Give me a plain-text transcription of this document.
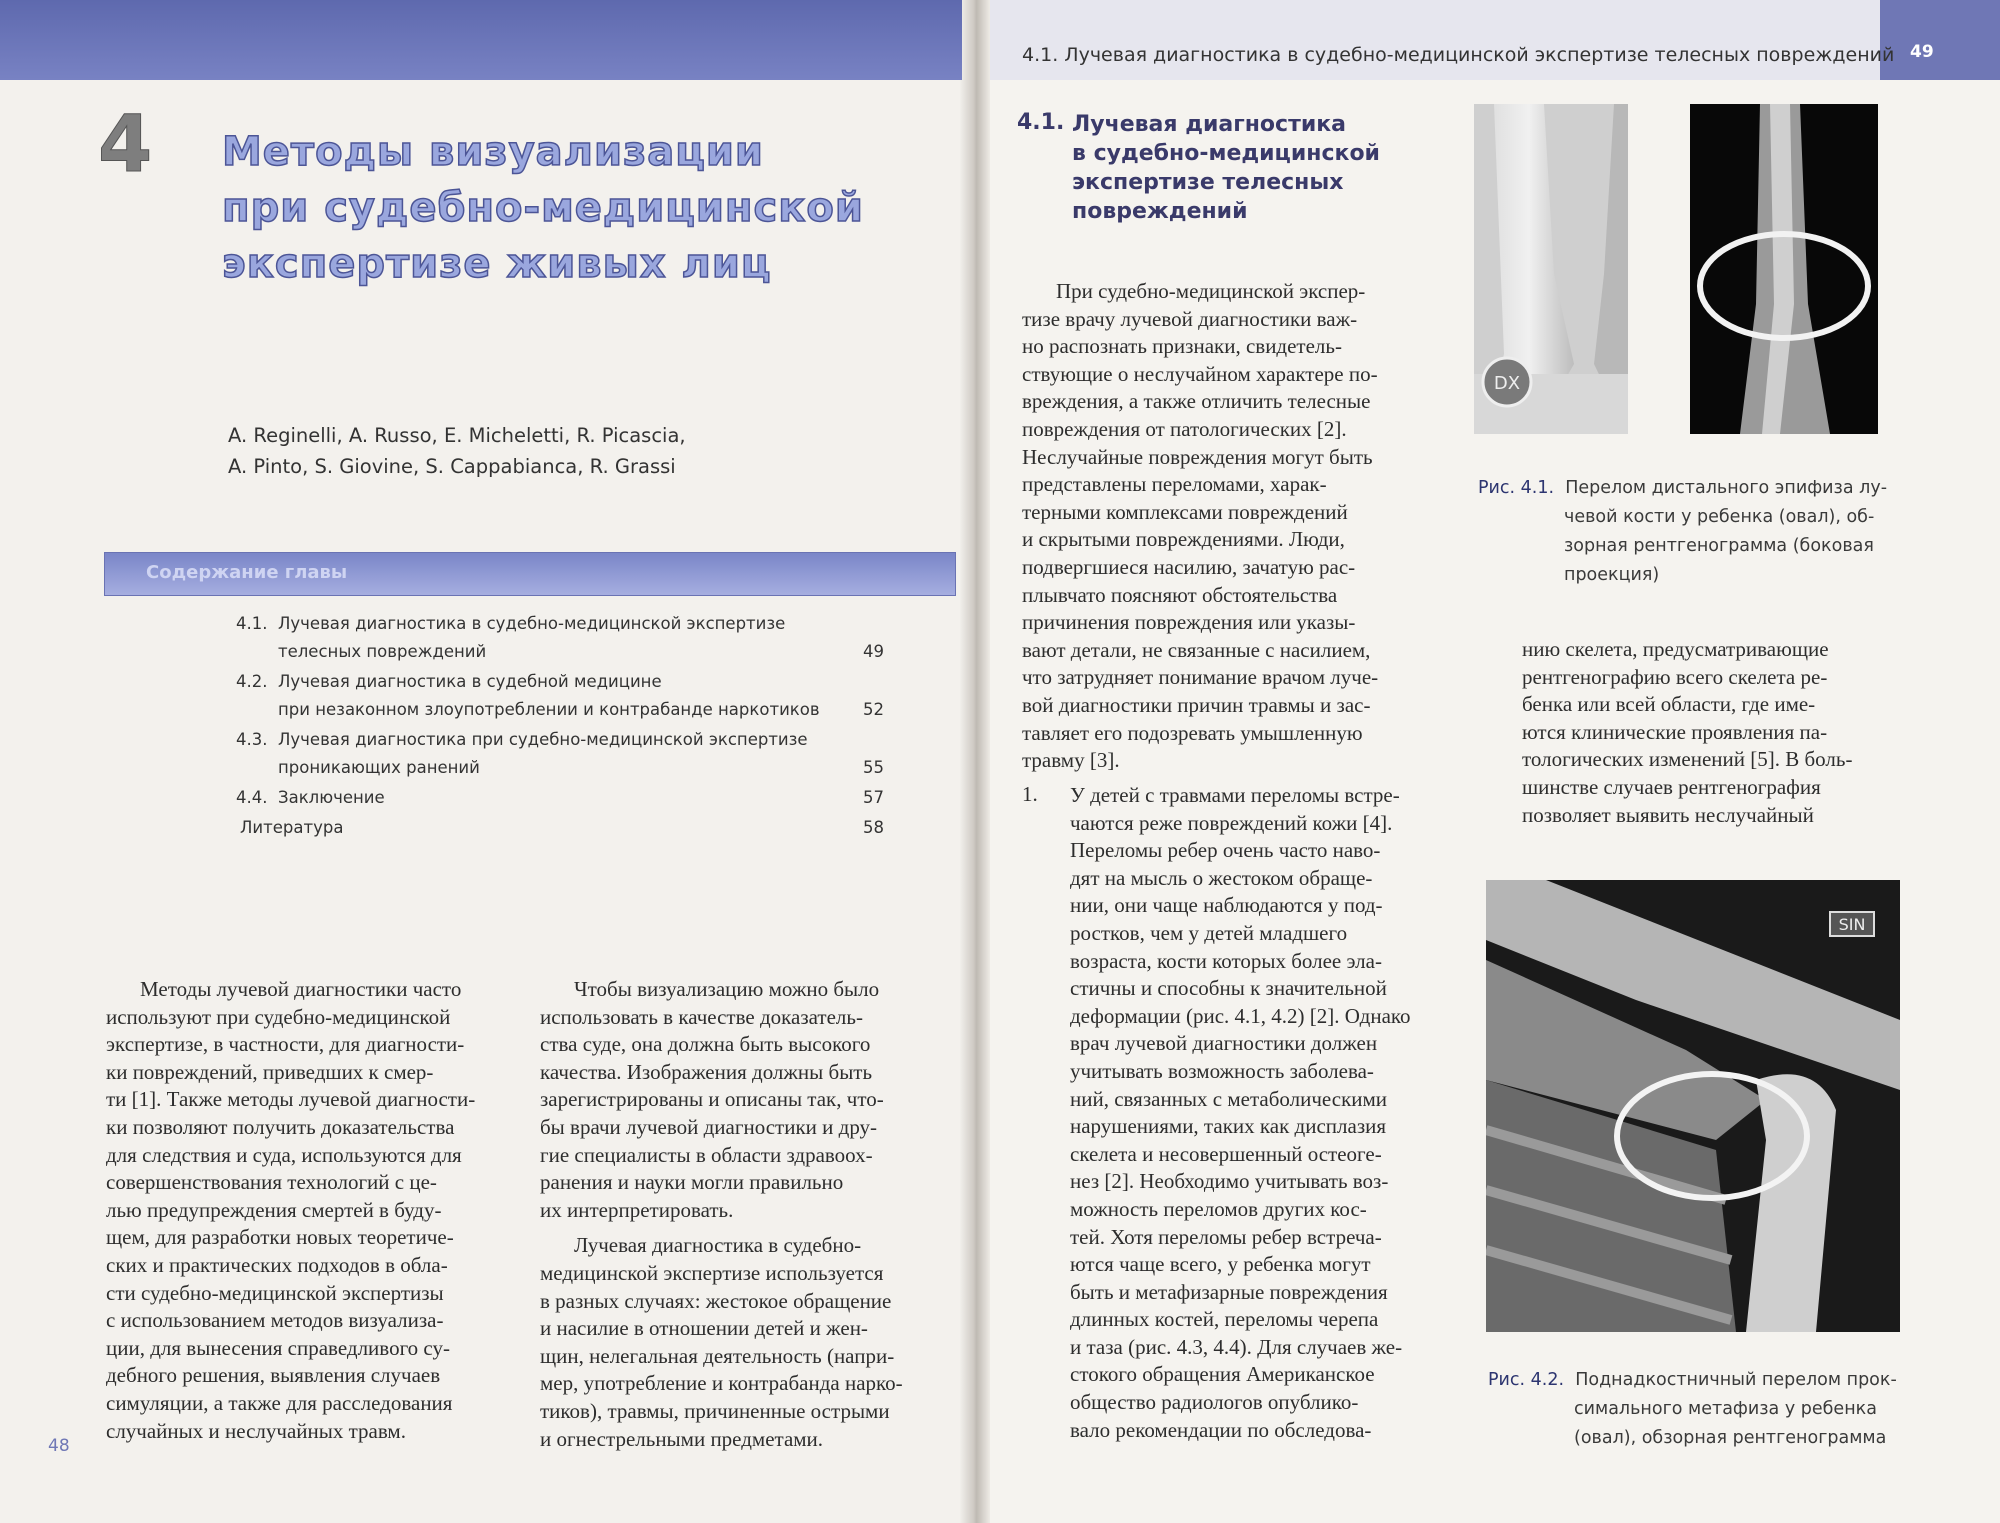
4 Методы визуализации
при судебно-медицинской
экспертизе живых лиц
A. Reginelli, A. Russo, E. Micheletti, R. Picascia,
A. Pinto, S. Giovine, S. Cappabianca, R. Grassi
Содержание главы
4.1. Лучевая диагностика в судебно-медицинской экспертизе
телесных повреждений	49
4.2. Лучевая диагностика в судебной медицине
при незаконном злоупотреблении и контрабанде наркотиков	52
4.3. Лучевая диагностика при судебно-медицинской экспертизе
проникающих ранений	55
4.4. Заключение	57
Литература	58
Методы лучевой диагностики часто
используют при судебно-медицинской
экспертизе, в частности, для диагности-
ки повреждений, приведших к смер-
ти [1]. Также методы лучевой диагности-
ки позволяют получить доказательства
для следствия и суда, используются для
совершенствования технологий с це-
лью предупреждения смертей в буду-
щем, для разработки новых теоретиче-
ских и практических подходов в обла-
сти судебно-медицинской экспертизы
с использованием методов визуализа-
ции, для вынесения справедливого су-
дебного решения, выявления случаев
симуляции, а также для расследования
случайных и неслучайных травм.
Чтобы визуализацию можно было
использовать в качестве доказатель-
ства суде, она должна быть высокого
качества. Изображения должны быть
зарегистрированы и описаны так, что-
бы врачи лучевой диагностики и дру-
гие специалисты в области здравоох-
ранения и науки могли правильно
их интерпретировать.
Лучевая диагностика в судебно-
медицинской экспертизе используется
в разных случаях: жестокое обращение
и насилие в отношении детей и жен-
щин, нелегальная деятельность (напри-
мер, употребление и контрабанда нарко-
тиков), травмы, причиненные острыми
и огнестрельными предметами.
48
4.1. Лучевая диагностика в судебно-медицинской экспертизе телесных повреждений 49
4.1. Лучевая диагностика
в судебно-медицинской
экспертизе телесных
повреждений
При судебно-медицинской экспер-
тизе врачу лучевой диагностики важ-
но распознать признаки, свидетель-
ствующие о неслучайном характере по-
вреждения, а также отличить телесные
повреждения от патологических [2].
Неслучайные повреждения могут быть
представлены переломами, харак-
терными комплексами повреждений
и скрытыми повреждениями. Люди,
подвергшиеся насилию, зачатую рас-
плывчато поясняют обстоятельства
причинения повреждения или указы-
вают детали, не связанные с насилием,
что затрудняет понимание врачом луче-
вой диагностики причин травмы и зас-
тавляет его подозревать умышленную
травму [3].
1. У детей с травмами переломы встре-
чаются реже повреждений кожи [4].
Переломы ребер очень часто наво-
дят на мысль о жестоком обраще-
нии, они чаще наблюдаются у под-
ростков, чем у детей младшего
возраста, кости которых более эла-
стичны и способны к значительной
деформации (рис. 4.1, 4.2) [2]. Однако
врач лучевой диагностики должен
учитывать возможность заболева-
ний, связанных с метаболическими
нарушениями, таких как дисплазия
скелета и несовершенный остеоге-
нез [2]. Необходимо учитывать воз-
можность переломов других кос-
тей. Хотя переломы ребер встреча-
ются чаще всего, у ребенка могут
быть и метафизарные повреждения
длинных костей, переломы черепа
и таза (рис. 4.3, 4.4). Для случаев же-
стокого обращения Американское
общество радиологов опублико-
вало рекомендации по обследова-
нию скелета, предусматривающие
рентгенографию всего скелета ре-
бенка или всей области, где име-
ются клинические проявления па-
тологических изменений [5]. В боль-
шинстве случаев рентгенография
позволяет выявить неслучайный
DX
Рис. 4.1. Перелом дистального эпифиза лу-
чевой кости у ребенка (овал), об-
зорная рентгенограмма (боковая
проекция)
SIN
Рис. 4.2. Поднадкостничный перелом прок-
симального метафиза у ребенка
(овал), обзорная рентгенограмма
